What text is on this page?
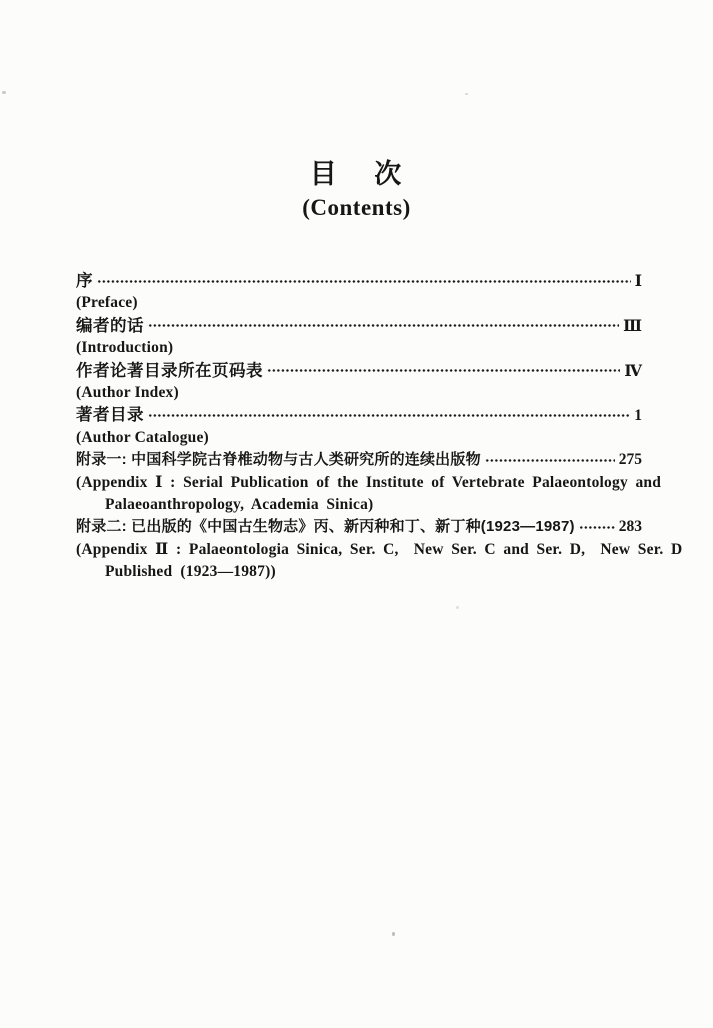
目 次
(Contents)
序	Ⅰ
(Preface)
编者的话	Ⅲ
(Introduction)
作者论著目录所在页码表	Ⅳ
(Author Index)
著者目录	1
(Author Catalogue)
附录一: 中国科学院古脊椎动物与古人类研究所的连续出版物	275
(Appendix Ⅰ : Serial Publication of the Institute of Vertebrate Palaeontology and
Palaeoanthropology, Academia Sinica)
附录二: 已出版的《中国古生物志》丙、新丙种和丁、新丁种(1923—1987)	283
(Appendix Ⅱ : Palaeontologia Sinica, Ser. C,  New Ser. C and Ser. D,  New Ser. D
Published  (1923—1987))
